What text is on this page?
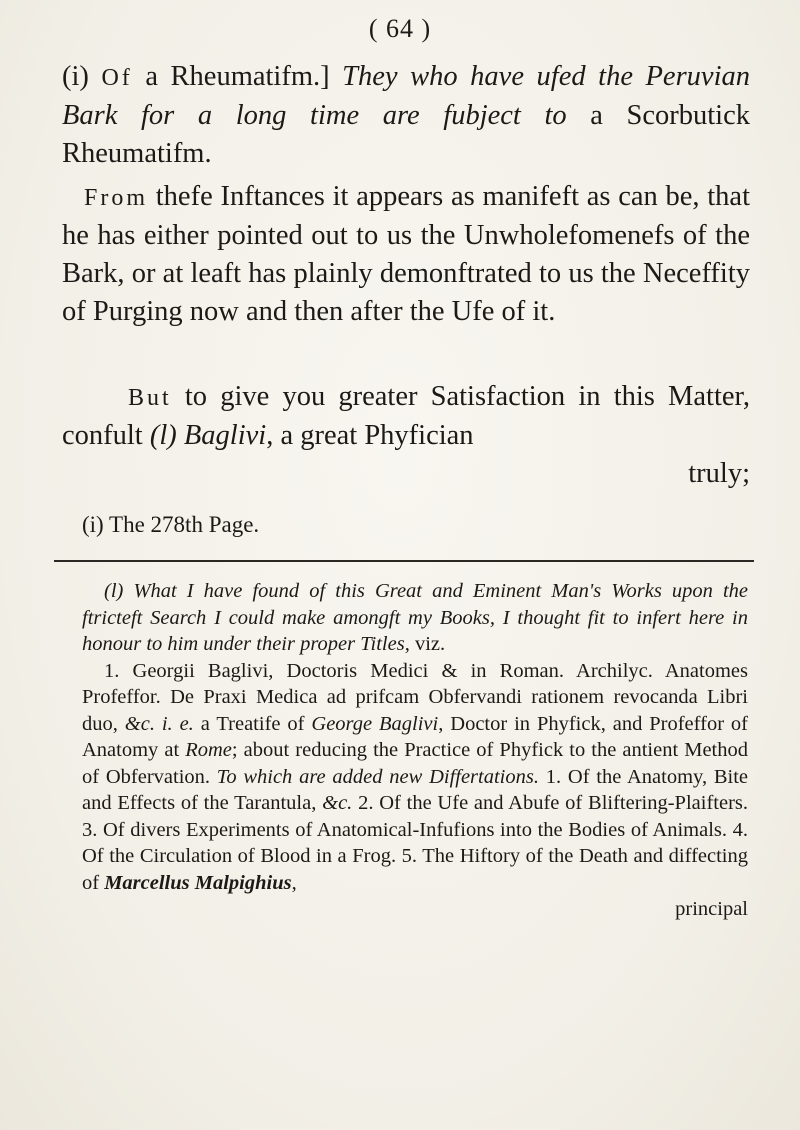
( 64 )

(i) Of a Rheumatifm.] They who have ufed the Peruvian Bark for a long time are fubject to a Scorbutick Rheumatifm.

From thefe Inftances it appears as manifeft as can be, that he has either pointed out to us the Unwholefomenefs of the Bark, or at leaft has plainly demonftrated to us the Neceffity of Purging now and then after the Ufe of it.

But to give you greater Satisfaction in this Matter, confult (l) Baglivi, a great Phyfician

truly;

(i) The 278th Page.

(l) What I have found of this Great and Eminent Man's Works upon the ftricteft Search I could make amongft my Books, I thought fit to infert here in honour to him under their proper Titles, viz.

1. Georgii Baglivi, Doctoris Medici & in Roman. Archilyc. Anatomes Profeffor. De Praxi Medica ad prifcam Obfervandi rationem revocanda Libri duo, &c. i. e. a Treatife of George Baglivi, Doctor in Phyfick, and Profeffor of Anatomy at Rome; about reducing the Practice of Phyfick to the antient Method of Obfervation. To which are added new Differtations. 1. Of the Anatomy, Bite and Effects of the Tarantula, &c. 2. Of the Ufe and Abufe of Bliftering-Plaifters. 3. Of divers Experiments of Anatomical-Infufions into the Bodies of Animals. 4. Of the Circulation of Blood in a Frog. 5. The Hiftory of the Death and diffecting of Marcellus Malpighius,

principal
